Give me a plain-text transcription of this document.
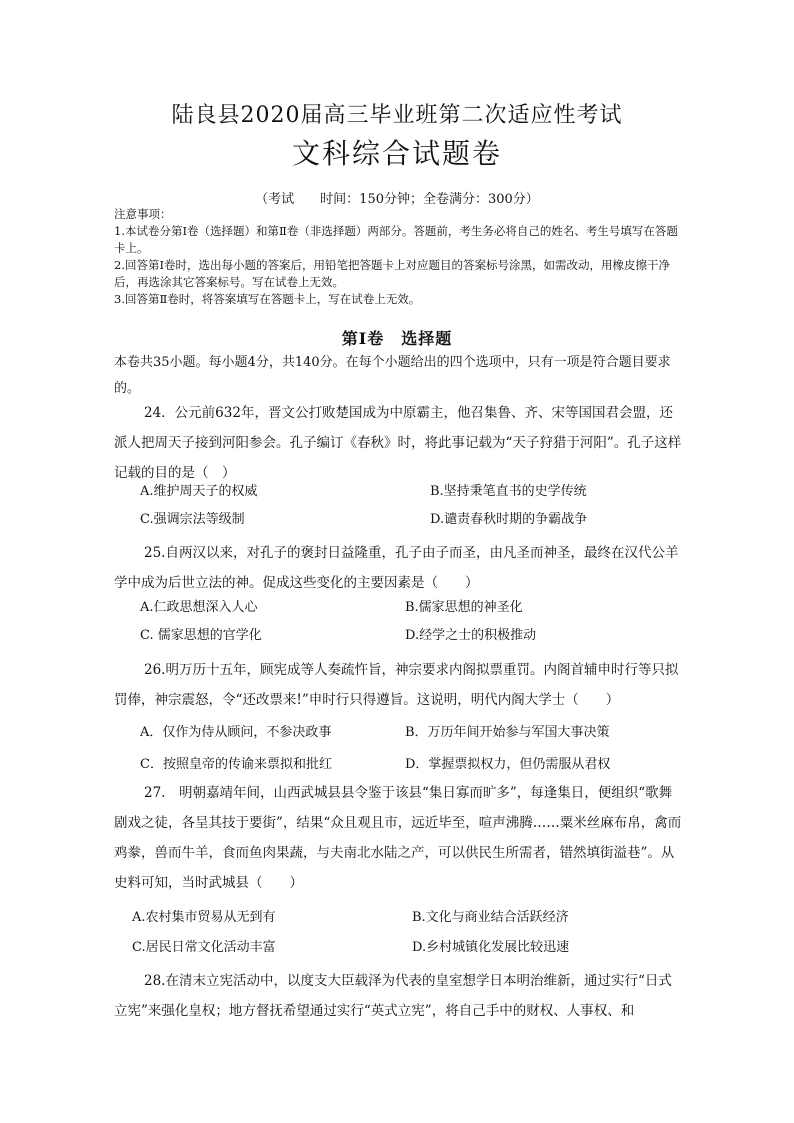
陆良县2020届高三毕业班第二次适应性考试
文科综合试题卷
（考试　　时间：150分钟；全卷满分：300分）
注意事项：
1.本试卷分第Ⅰ卷（选择题）和第Ⅱ卷（非选择题）两部分。答题前，考生务必将自己的姓名、考生号填写在答题卡上。
2.回答第Ⅰ卷时，选出每小题的答案后，用铅笔把答题卡上对应题目的答案标号涂黑，如需改动，用橡皮擦干净后，再选涂其它答案标号。写在试卷上无效。
3.回答第Ⅱ卷时，将答案填写在答题卡上，写在试卷上无效。
第Ⅰ卷　选择题
本卷共35小题。每小题4分，共140分。在每个小题给出的四个选项中，只有一项是符合题目要求的。
24．公元前632年，晋文公打败楚国成为中原霸主，他召集鲁、齐、宋等国国君会盟，还派人把周天子接到河阳参会。孔子编订《春秋》时，将此事记载为“天子狩猎于河阳”。孔子这样记载的目的是（　）
A.维护周天子的权威	B.坚持秉笔直书的史学传统
C.强调宗法等级制	D.谴责春秋时期的争霸战争
25.自两汉以来，对孔子的褒封日益隆重，孔子由子而圣，由凡圣而神圣，最终在汉代公羊学中成为后世立法的神。促成这些变化的主要因素是（　　）
A.仁政思想深入人心	B.儒家思想的神圣化
C. 儒家思想的官学化	D.经学之士的积极推动
26.明万历十五年，顾宪成等人奏疏忤旨，神宗要求内阁拟票重罚。内阁首辅申时行等只拟罚俸，神宗震怒，令“还改票来!”申时行只得遵旨。这说明，明代内阁大学士（　　）
A．仅作为侍从顾问，不参决政事	B．万历年间开始参与军国大事决策
C．按照皇帝的传谕来票拟和批红	D．掌握票拟权力，但仍需服从君权
27.　明朝嘉靖年间，山西武城县县令鉴于该县“集日寡而旷多”，每逢集日，便组织“歌舞剧戏之徒，各呈其技于要街”，结果“众且观且市，远近毕至，喧声沸腾……粟米丝麻布帛，禽而鸡豢，兽而牛羊，食而鱼肉果蔬，与夫南北水陆之产，可以供民生所需者，错然填街溢巷”。从史料可知，当时武城县（　　）
A.农村集市贸易从无到有	B.文化与商业结合活跃经济
C.居民日常文化活动丰富	D.乡村城镇化发展比较迅速
28.在清末立宪活动中，以度支大臣载泽为代表的皇室想学日本明治维新，通过实行“日式立宪”来强化皇权；地方督抚希望通过实行“英式立宪”，将自己手中的财权、人事权、和
